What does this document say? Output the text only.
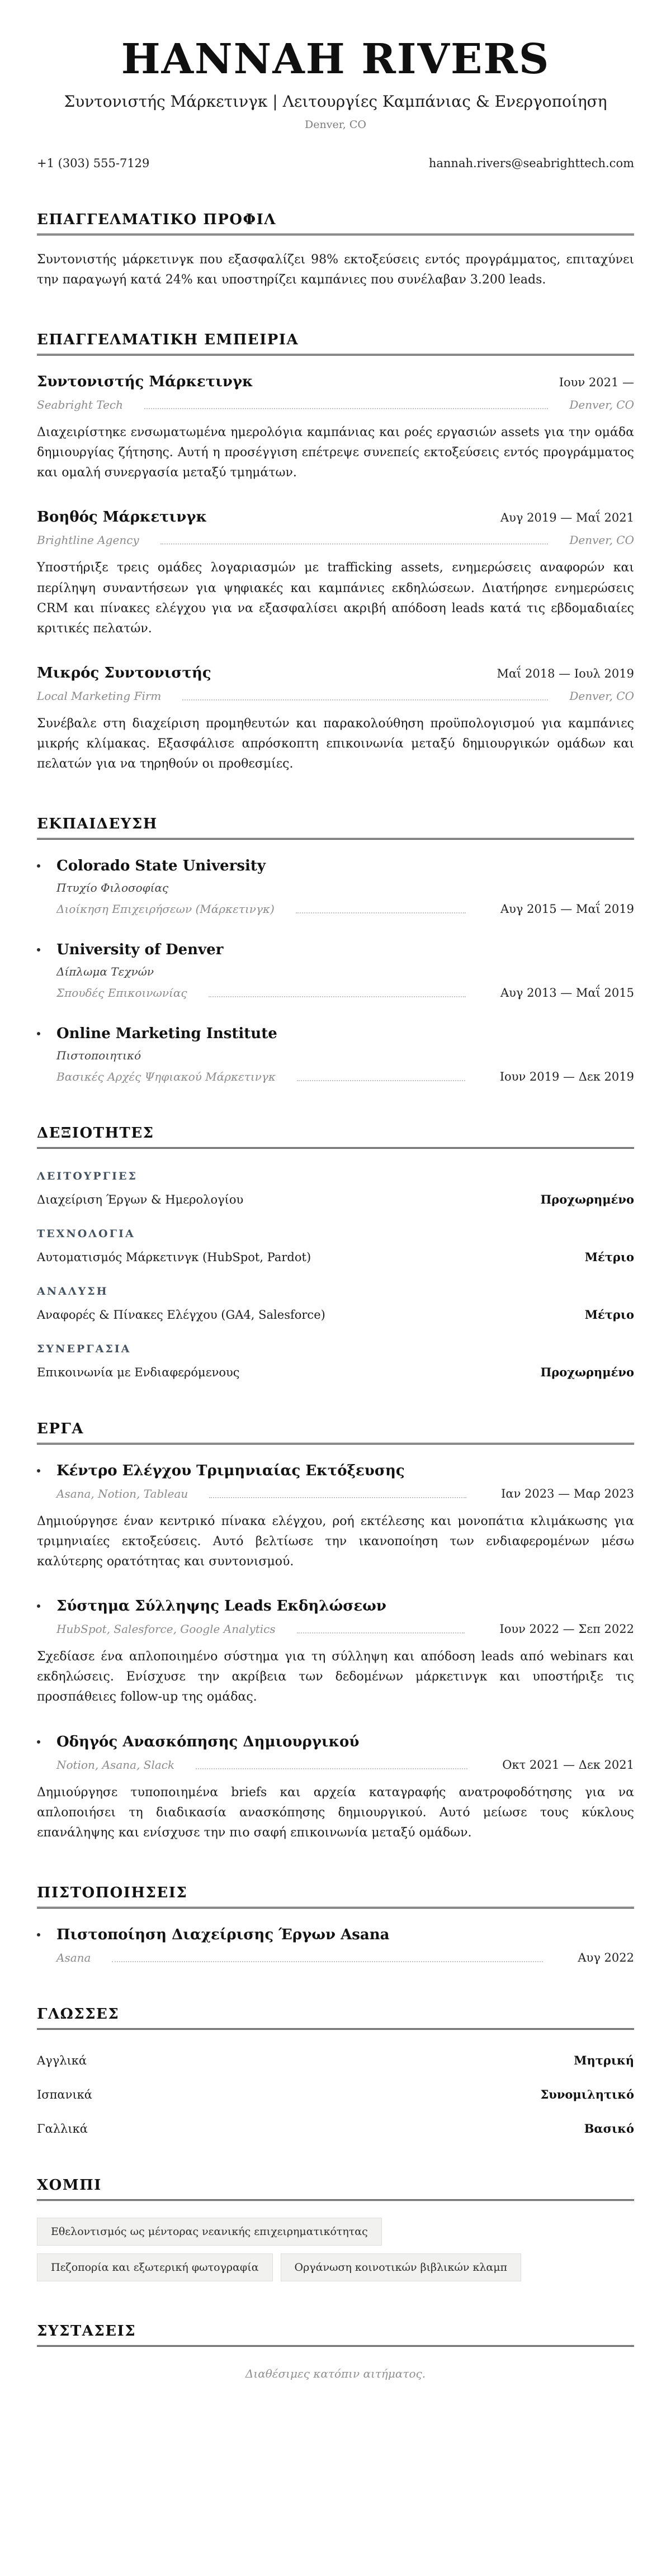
HANNAH RIVERS
Συντονιστής Μάρκετινγκ | Λειτουργίες Καμπάνιας & Ενεργοποίηση
Denver, CO
+1 (303) 555-7129	hannah.rivers@seabrighttech.com
ΕΠΑΓΓΕΛΜΑΤΙΚΟ ΠΡΟΦΙΛ

Συντονιστής μάρκετινγκ που εξασφαλίζει 98% εκτοξεύσεις εντός προγράμματος, επιταχύνει την παραγωγή κατά 24% και υποστηρίζει καμπάνιες που συνέλαβαν 3.200 leads.

ΕΠΑΓΓΕΛΜΑΤΙΚΗ ΕΜΠΕΙΡΙΑ
Συντονιστής Μάρκετινγκ	Ιουν 2021 —
Seabright Tech	Denver, CO

Διαχειρίστηκε ενσωματωμένα ημερολόγια καμπάνιας και ροές εργασιών assets για την ομάδα δημιουργίας ζήτησης. Αυτή η προσέγγιση επέτρεψε συνεπείς εκτοξεύσεις εντός προγράμματος και ομαλή συνεργασία μεταξύ τμημάτων.

Βοηθός Μάρκετινγκ	Αυγ 2019 — Μαΐ 2021
Brightline Agency	Denver, CO

Υποστήριξε τρεις ομάδες λογαριασμών με trafficking assets, ενημερώσεις αναφορών και περίληψη συναντήσεων για ψηφιακές και καμπάνιες εκδηλώσεων. Διατήρησε ενημερώσεις CRM και πίνακες ελέγχου για να εξασφαλίσει ακριβή απόδοση leads κατά τις εβδομαδιαίες κριτικές πελατών.

Μικρός Συντονιστής	Μαΐ 2018 — Ιουλ 2019
Local Marketing Firm	Denver, CO

Συνέβαλε στη διαχείριση προμηθευτών και παρακολούθηση προϋπολογισμού για καμπάνιες μικρής κλίμακας. Εξασφάλισε απρόσκοπτη επικοινωνία μεταξύ δημιουργικών ομάδων και πελατών για να τηρηθούν οι προθεσμίες.

ΕΚΠΑΙΔΕΥΣΗ
Colorado State University
Πτυχίο Φιλοσοφίας
Διοίκηση Επιχειρήσεων (Μάρκετινγκ)	Αυγ 2015 — Μαΐ 2019
University of Denver
Δίπλωμα Τεχνών
Σπουδές Επικοινωνίας	Αυγ 2013 — Μαΐ 2015
Online Marketing Institute
Πιστοποιητικό
Βασικές Αρχές Ψηφιακού Μάρκετινγκ	Ιουν 2019 — Δεκ 2019
ΔΕΞΙΟΤΗΤΕΣ
ΛΕΙΤΟΥΡΓΙΕΣ
Διαχείριση Έργων & Ημερολογίου	Προχωρημένο
ΤΕΧΝΟΛΟΓΙΑ
Αυτοματισμός Μάρκετινγκ (HubSpot, Pardot)	Μέτριο
ΑΝΑΛΥΣΗ
Αναφορές & Πίνακες Ελέγχου (GA4, Salesforce)	Μέτριο
ΣΥΝΕΡΓΑΣΙΑ
Επικοινωνία με Ενδιαφερόμενους	Προχωρημένο
ΕΡΓΑ
Κέντρο Ελέγχου Τριμηνιαίας Εκτόξευσης
Asana, Notion, Tableau	Ιαν 2023 — Μαρ 2023

Δημιούργησε έναν κεντρικό πίνακα ελέγχου, ροή εκτέλεσης και μονοπάτια κλιμάκωσης για τριμηνιαίες εκτοξεύσεις. Αυτό βελτίωσε την ικανοποίηση των ενδιαφερομένων μέσω καλύτερης ορατότητας και συντονισμού.

Σύστημα Σύλληψης Leads Εκδηλώσεων
HubSpot, Salesforce, Google Analytics	Ιουν 2022 — Σεπ 2022

Σχεδίασε ένα απλοποιημένο σύστημα για τη σύλληψη και απόδοση leads από webinars και εκδηλώσεις. Ενίσχυσε την ακρίβεια των δεδομένων μάρκετινγκ και υποστήριξε τις προσπάθειες follow-up της ομάδας.

Οδηγός Ανασκόπησης Δημιουργικού
Notion, Asana, Slack	Οκτ 2021 — Δεκ 2021

Δημιούργησε τυποποιημένα briefs και αρχεία καταγραφής ανατροφοδότησης για να απλοποιήσει τη διαδικασία ανασκόπησης δημιουργικού. Αυτό μείωσε τους κύκλους επανάληψης και ενίσχυσε την πιο σαφή επικοινωνία μεταξύ ομάδων.

ΠΙΣΤΟΠΟΙΗΣΕΙΣ
Πιστοποίηση Διαχείρισης Έργων Asana
Asana	Αυγ 2022
ΓΛΩΣΣΕΣ
Αγγλικά	Μητρική
Ισπανικά	Συνομιλητικό
Γαλλικά	Βασικό
ΧΟΜΠΙ
Εθελοντισμός ως μέντορας νεανικής επιχειρηματικότητας
Πεζοπορία και εξωτερική φωτογραφία	Οργάνωση κοινοτικών βιβλικών κλαμπ
ΣΥΣΤΑΣΕΙΣ
Διαθέσιμες κατόπιν αιτήματος.
